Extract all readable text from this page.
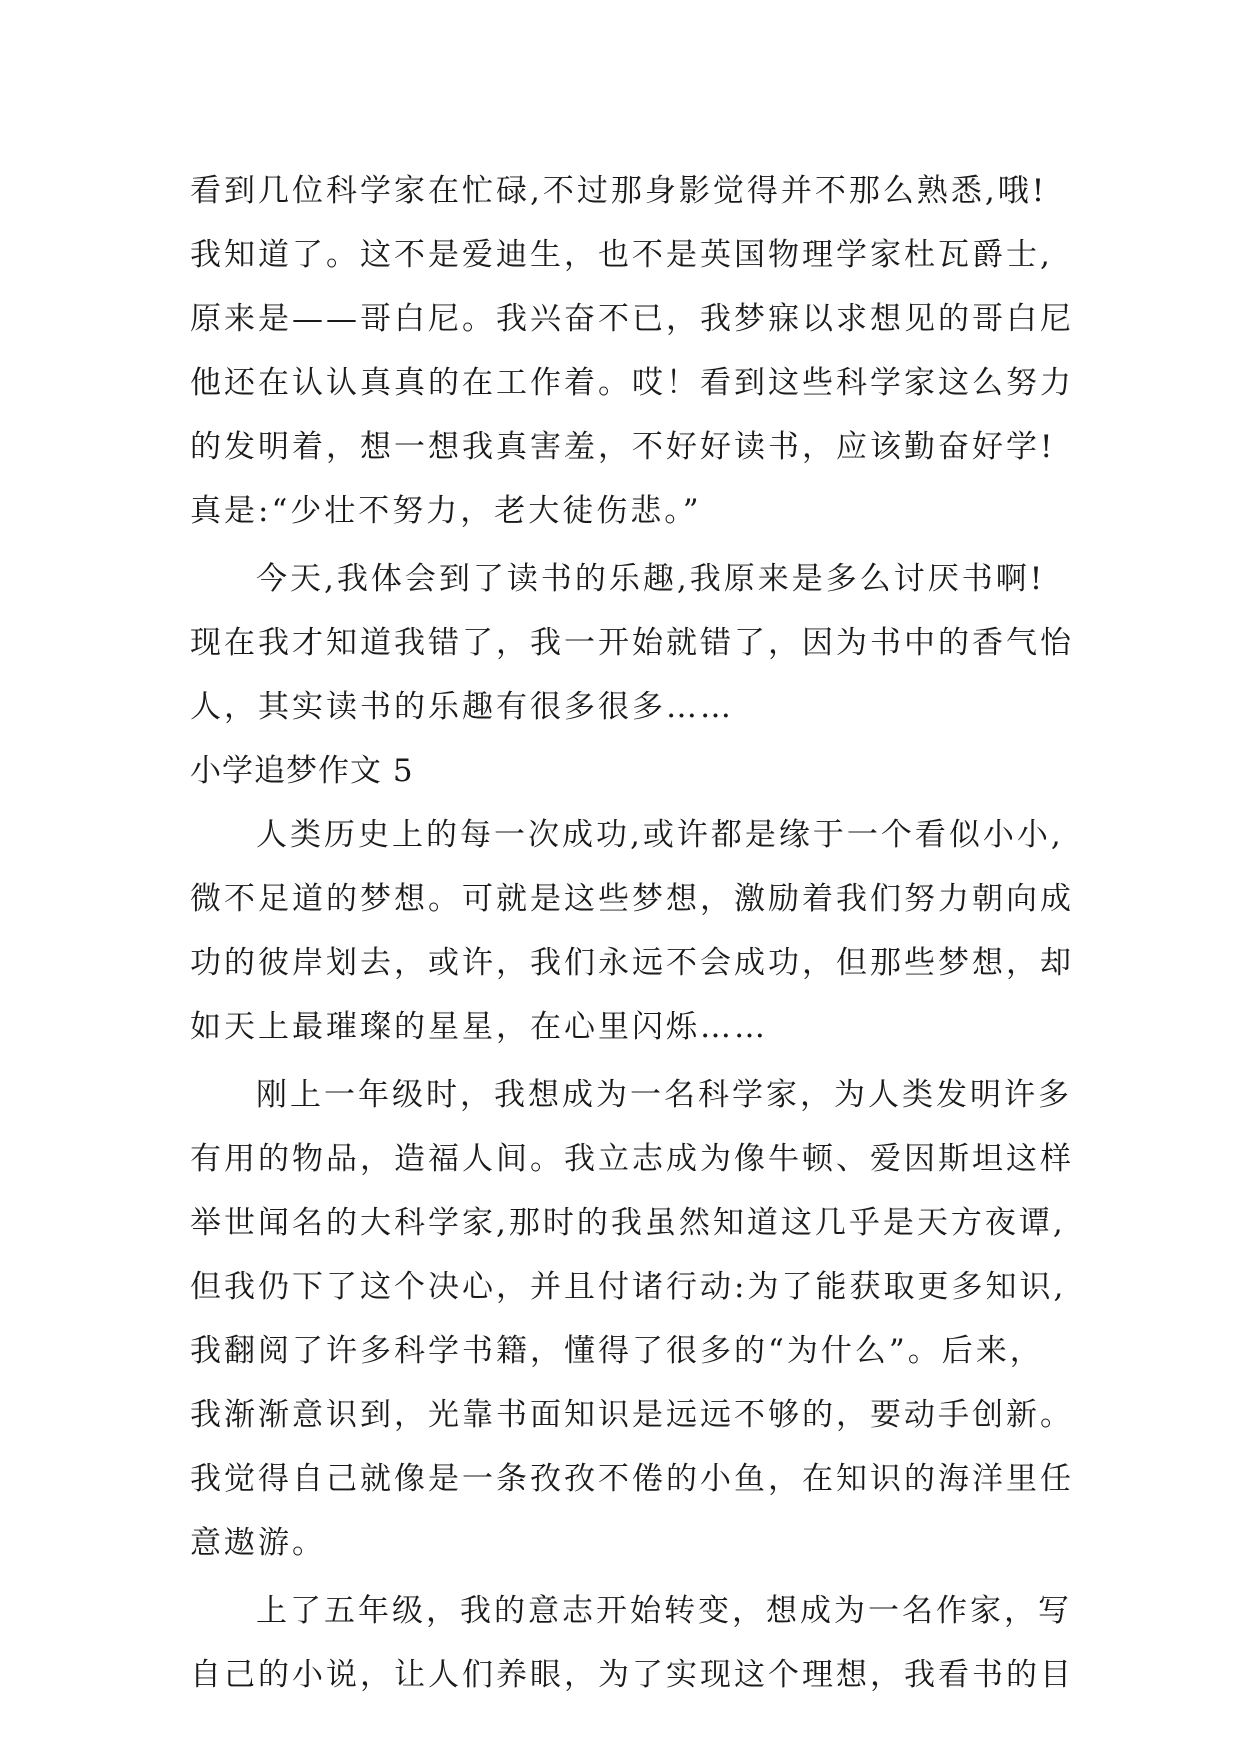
看到几位科学家在忙碌,不过那身影觉得并不那么熟悉,哦!
我知道了。这不是爱迪生，也不是英国物理学家杜瓦爵士,
原来是——哥白尼。我兴奋不已，我梦寐以求想见的哥白尼
他还在认认真真的在工作着。哎！看到这些科学家这么努力
的发明着，想一想我真害羞，不好好读书，应该勤奋好学!
真是:“少壮不努力，老大徒伤悲。”
今天,我体会到了读书的乐趣,我原来是多么讨厌书啊!
现在我才知道我错了，我一开始就错了，因为书中的香气怡
人，其实读书的乐趣有很多很多……
小学追梦作文 5
人类历史上的每一次成功,或许都是缘于一个看似小小,
微不足道的梦想。可就是这些梦想，激励着我们努力朝向成
功的彼岸划去，或许，我们永远不会成功，但那些梦想，却
如天上最璀璨的星星，在心里闪烁……
刚上一年级时，我想成为一名科学家，为人类发明许多
有用的物品，造福人间。我立志成为像牛顿、爱因斯坦这样
举世闻名的大科学家,那时的我虽然知道这几乎是天方夜谭,
但我仍下了这个决心，并且付诸行动:为了能获取更多知识,
我翻阅了许多科学书籍，懂得了很多的“为什么”。后来，
我渐渐意识到，光靠书面知识是远远不够的，要动手创新。
我觉得自己就像是一条孜孜不倦的小鱼，在知识的海洋里任
意遨游。
上了五年级，我的意志开始转变，想成为一名作家，写
自己的小说，让人们养眼，为了实现这个理想，我看书的目
